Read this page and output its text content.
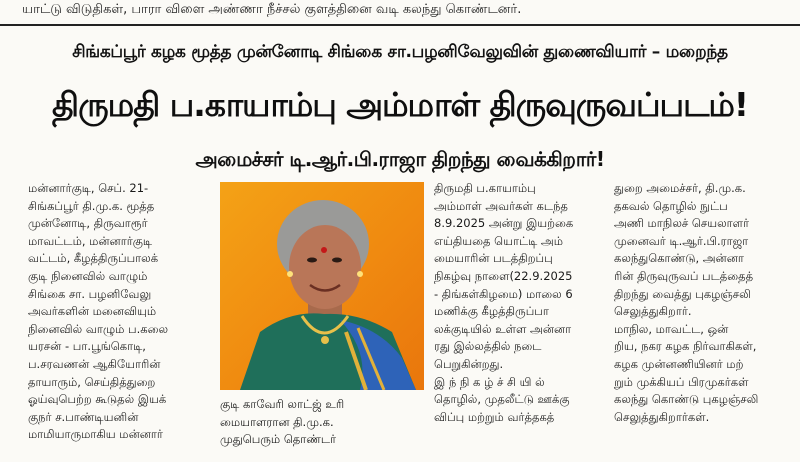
யாட்டு விடுதிகள், பாரா விளை அண்ணா நீச்சல் குளத்தினை வடி கலந்து கொண்டனர்.
சிங்கப்பூர் கழக மூத்த முன்னோடி சிங்கை சா.பழனிவேலுவின் துணைவியார் – மறைந்த
திருமதி ப.காயாம்பு அம்மாள் திருவுருவப்படம்!
அமைச்சர் டி.ஆர்.பி.ராஜா திறந்து வைக்கிறார்!
மன்னார்குடி, செப். 21-
சிங்கப்பூர் தி.மு.க. மூத்த
முன்னோடி, திருவாரூர்
மாவட்டம், மன்னார்குடி
வட்டம், கீழத்திருப்பாலக்
குடி நினைவில் வாழும்
சிங்கை சா. பழனிவேலு
அவர்களின் மனைவியும்
நினைவில் வாழும் ப.கலை
யரசன் - பா.பூங்கொடி,
ப.சரவணன் ஆகியோரின்
தாயாரும், செய்தித்துறை
ஓய்வுபெற்ற கூடுதல் இயக்
குநர் ச.பாண்டியனின்
மாமியாருமாகிய மன்னார்
குடி காவேரி லாட்ஜ் உரி
மையாளரான தி.மு.க.
முதுபெரும் தொண்டர்
திருமதி ப.காயாம்பு
அம்மாள் அவர்கள் கடந்த
8.9.2025 அன்று இயற்கை
எய்தியதை யொட்டி அம்
மையாரின் படத்திறப்பு
நிகழ்வு நாளை(22.9.2025
- திங்கள்கிழமை) மாலை 6
மணிக்கு கீழத்திருப்பா
லக்குடியில் உள்ள அன்னா
ரது இல்லத்தில் நடை
பெறுகின்றது.
இ ந் நி க ழ் ச் சி யி ல்
தொழில், முதலீட்டு ஊக்கு
விப்பு மற்றும் வர்த்தகத்
துறை அமைச்சர், தி.மு.க.
தகவல் தொழில் நுட்ப
அணி மாநிலச் செயலாளர்
முனைவர் டி.ஆர்.பி.ராஜா
கலந்துகொண்டு, அன்னா
ரின் திருவுருவப் படத்தைத்
திறந்து வைத்து புகழஞ்சலி
செலுத்துகிறார்.
மாநில, மாவட்ட, ஒன்
றிய, நகர கழக நிர்வாகிகள்,
கழக முன்னணியினர் மற்
றும் முக்கியப் பிரமுகர்கள்
கலந்து கொண்டு புகழஞ்சலி
செலுத்துகிறார்கள்.
